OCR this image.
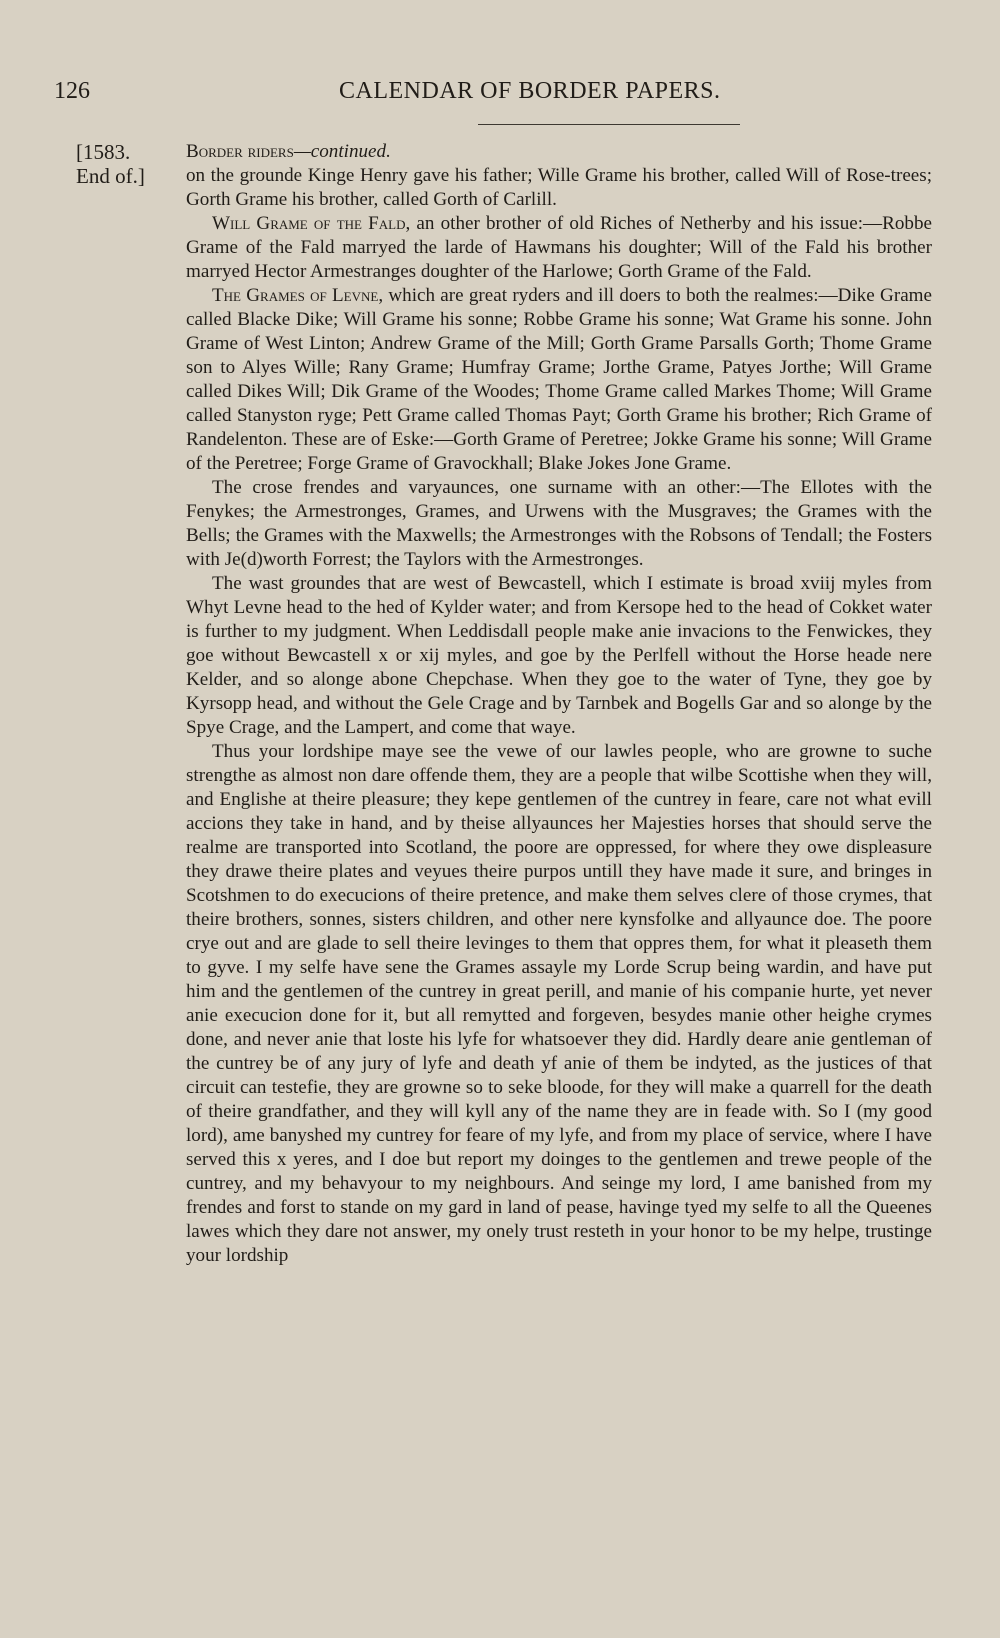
126	CALENDAR OF BORDER PAPERS.
[1583.
End of.]

Border riders—continued.
on the grounde Kinge Henry gave his father; Wille Grame his brother, called Will of Rose-trees; Gorth Grame his brother, called Gorth of Carlill.

Will Grame of the Fald, an other brother of old Riches of Netherby and his issue:—Robbe Grame of the Fald marryed the larde of Hawmans his doughter; Will of the Fald his brother marryed Hector Armestranges doughter of the Harlowe; Gorth Grame of the Fald.

The Grames of Levne, which are great ryders and ill doers to both the realmes:—Dike Grame called Blacke Dike; Will Grame his sonne; Robbe Grame his sonne; Wat Grame his sonne. John Grame of West Linton; Andrew Grame of the Mill; Gorth Grame Parsalls Gorth; Thome Grame son to Alyes Wille; Rany Grame; Humfray Grame; Jorthe Grame, Patyes Jorthe; Will Grame called Dikes Will; Dik Grame of the Woodes; Thome Grame called Markes Thome; Will Grame called Stanyston ryge; Pett Grame called Thomas Payt; Gorth Grame his brother; Rich Grame of Randelenton. These are of Eske:—Gorth Grame of Peretree; Jokke Grame his sonne; Will Grame of the Peretree; Forge Grame of Gravockhall; Blake Jokes Jone Grame.

The crose frendes and varyaunces, one surname with an other:—The Ellotes with the Fenykes; the Armestronges, Grames, and Urwens with the Musgraves; the Grames with the Bells; the Grames with the Maxwells; the Armestronges with the Robsons of Tendall; the Fosters with Je(d)worth Forrest; the Taylors with the Armestronges.

The wast groundes that are west of Bewcastell, which I estimate is broad xviij myles from Whyt Levne head to the hed of Kylder water; and from Kersope hed to the head of Cokket water is further to my judgment. When Leddisdall people make anie invacions to the Fenwickes, they goe without Bewcastell x or xij myles, and goe by the Perlfell without the Horse heade nere Kelder, and so alonge abone Chepchase. When they goe to the water of Tyne, they goe by Kyrsopp head, and without the Gele Crage and by Tarnbek and Bogells Gar and so alonge by the Spye Crage, and the Lampert, and come that waye.

Thus your lordshipe maye see the vewe of our lawles people, who are growne to suche strengthe as almost non dare offende them, they are a people that wilbe Scottishe when they will, and Englishe at theire pleasure; they kepe gentlemen of the cuntrey in feare, care not what evill accions they take in hand, and by theise allyaunces her Majesties horses that should serve the realme are transported into Scotland, the poore are oppressed, for where they owe displeasure they drawe theire plates and veyues theire purpos untill they have made it sure, and bringes in Scotshmen to do execucions of theire pretence, and make them selves clere of those crymes, that theire brothers, sonnes, sisters children, and other nere kynsfolke and allyaunce doe. The poore crye out and are glade to sell theire levinges to them that oppres them, for what it pleaseth them to gyve. I my selfe have sene the Grames assayle my Lorde Scrup being wardin, and have put him and the gentlemen of the cuntrey in great perill, and manie of his companie hurte, yet never anie execucion done for it, but all remytted and forgeven, besydes manie other heighe crymes done, and never anie that loste his lyfe for whatsoever they did. Hardly deare anie gentleman of the cuntrey be of any jury of lyfe and death yf anie of them be indyted, as the justices of that circuit can testefie, they are growne so to seke bloode, for they will make a quarrell for the death of theire grandfather, and they will kyll any of the name they are in feade with. So I (my good lord), ame banyshed my cuntrey for feare of my lyfe, and from my place of service, where I have served this x yeres, and I doe but report my doinges to the gentlemen and trewe people of the cuntrey, and my behavyour to my neighbours. And seinge my lord, I ame banished from my frendes and forst to stande on my gard in land of pease, havinge tyed my selfe to all the Queenes lawes which they dare not answer, my onely trust resteth in your honor to be my helpe, trustinge your lordship
